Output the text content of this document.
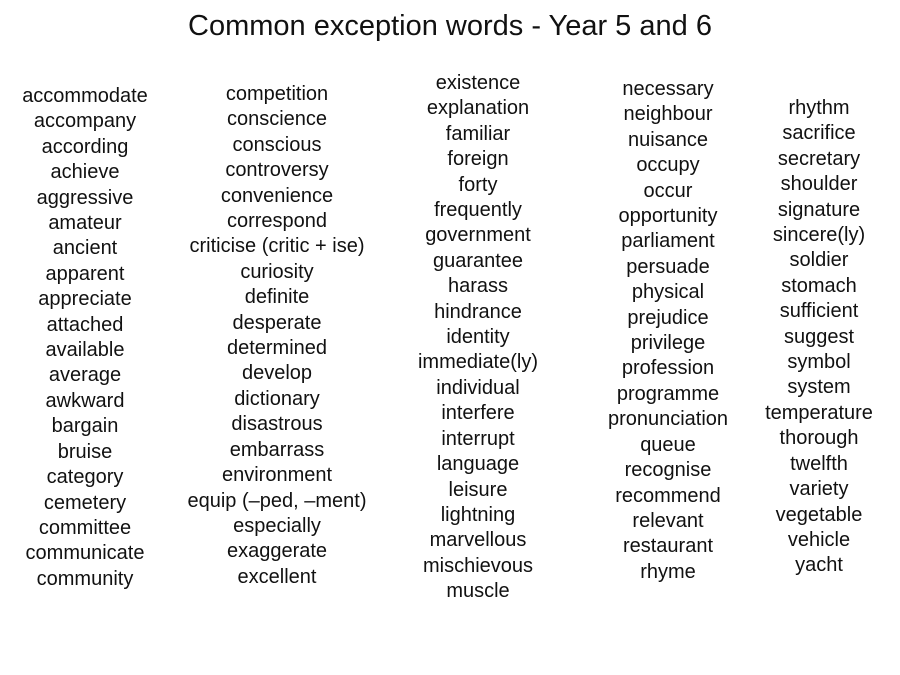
Common exception words - Year 5 and 6
accommodate
accompany
according
achieve
aggressive
amateur
ancient
apparent
appreciate
attached
available
average
awkward
bargain
bruise
category
cemetery
committee
communicate
community
competition
conscience
conscious
controversy
convenience
correspond
criticise (critic + ise)
curiosity
definite
desperate
determined
develop
dictionary
disastrous
embarrass
environment
equip (–ped, –ment)
especially
exaggerate
excellent
existence
explanation
familiar
foreign
forty
frequently
government
guarantee
harass
hindrance
identity
immediate(ly)
individual
interfere
interrupt
language
leisure
lightning
marvellous
mischievous
muscle
necessary
neighbour
nuisance
occupy
occur
opportunity
parliament
persuade
physical
prejudice
privilege
profession
programme
pronunciation
queue
recognise
recommend
relevant
restaurant
rhyme
rhythm
sacrifice
secretary
shoulder
signature
sincere(ly)
soldier
stomach
sufficient
suggest
symbol
system
temperature
thorough
twelfth
variety
vegetable
vehicle
yacht
